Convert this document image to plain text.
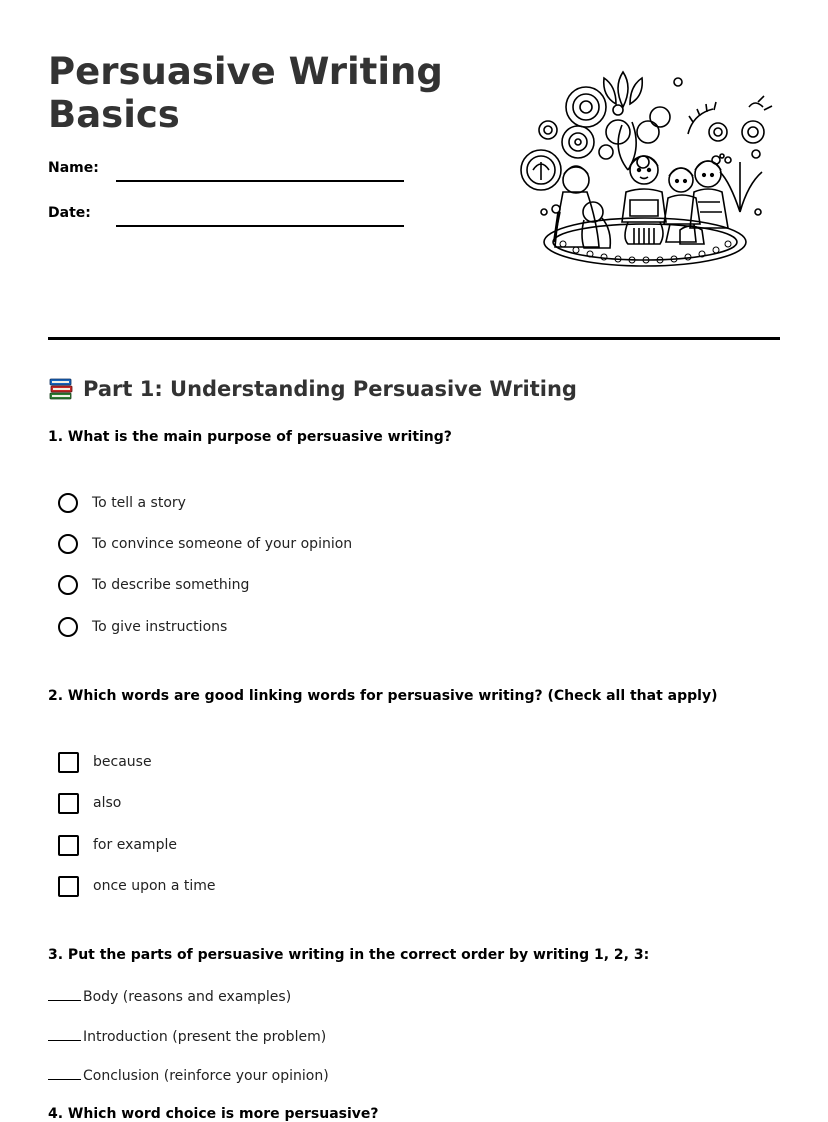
Persuasive Writing Basics
Name:
Date:
Part 1: Understanding Persuasive Writing
1. What is the main purpose of persuasive writing?
To tell a story
To convince someone of your opinion
To describe something
To give instructions
2. Which words are good linking words for persuasive writing? (Check all that apply)
because
also
for example
once upon a time
3. Put the parts of persuasive writing in the correct order by writing 1, 2, 3:
Body (reasons and examples)
Introduction (present the problem)
Conclusion (reinforce your opinion)
4. Which word choice is more persuasive?
